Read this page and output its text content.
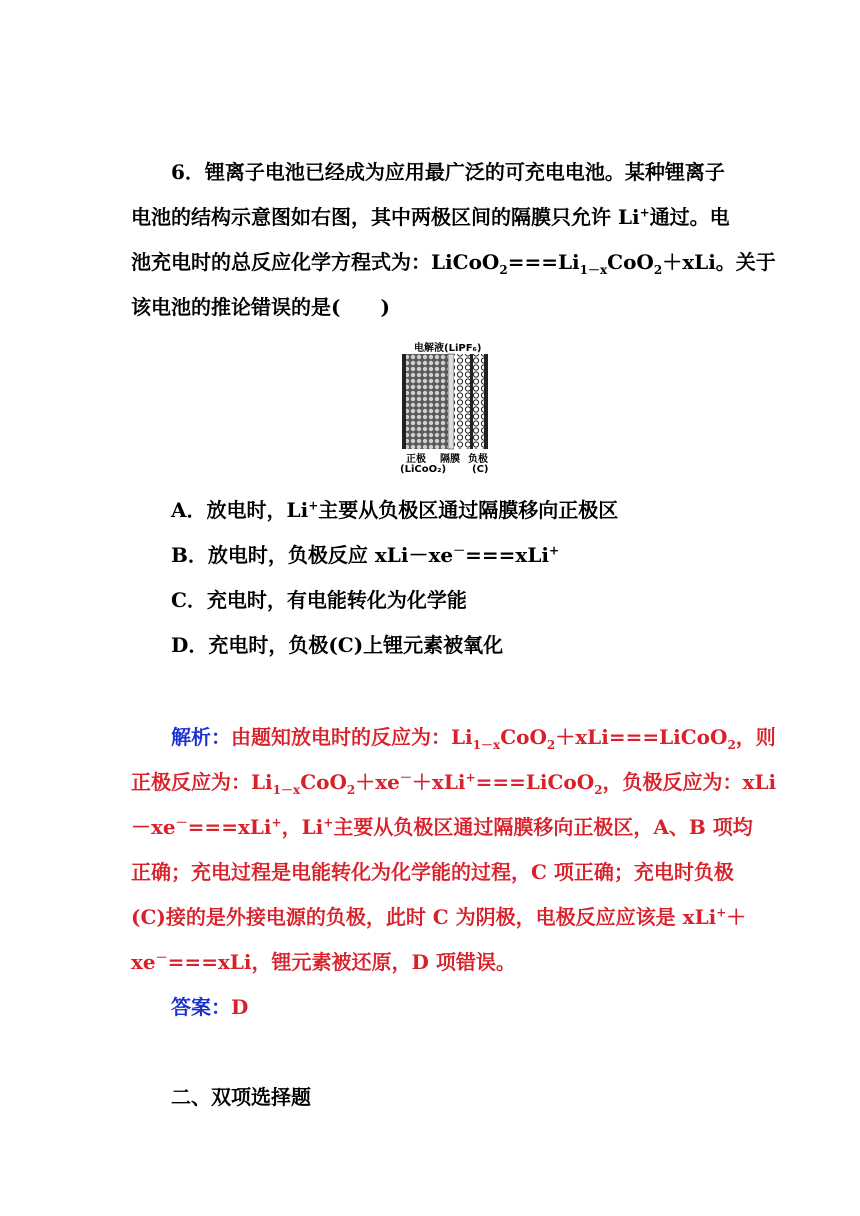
6．锂离子电池已经成为应用最广泛的可充电电池。某种锂离子
电池的结构示意图如右图，其中两极区间的隔膜只允许 Li+通过。电
池充电时的总反应化学方程式为：$LiCoO_2===Li_{1-x}CoO_2+xLi$。关于
该电池的推论错误的是(　　)
电解液(LiPF₆)
正极 隔膜 负极
(LiCoO₂)	(C)
A．放电时，Li+主要从负极区通过隔膜移向正极区
B．放电时，负极反应 xLi－xe－===xLi+
C．充电时，有电能转化为化学能
D．充电时，负极(C)上锂元素被氧化
解析：由题知放电时的反应为：$Li_{1-x}CoO_2+xLi===LiCoO_2$，则
正极反应为：$Li_{1-x}CoO_2+xe^-+xLi^+===LiCoO_2$，负极反应为：xLi
－xe－===xLi+，Li+主要从负极区通过隔膜移向正极区，A、B 项均
正确；充电过程是电能转化为化学能的过程，C 项正确；充电时负极
(C)接的是外接电源的负极，此时 C 为阴极，电极反应应该是 xLi+＋
xe－===xLi，锂元素被还原，D 项错误。
答案：D
二、双项选择题
